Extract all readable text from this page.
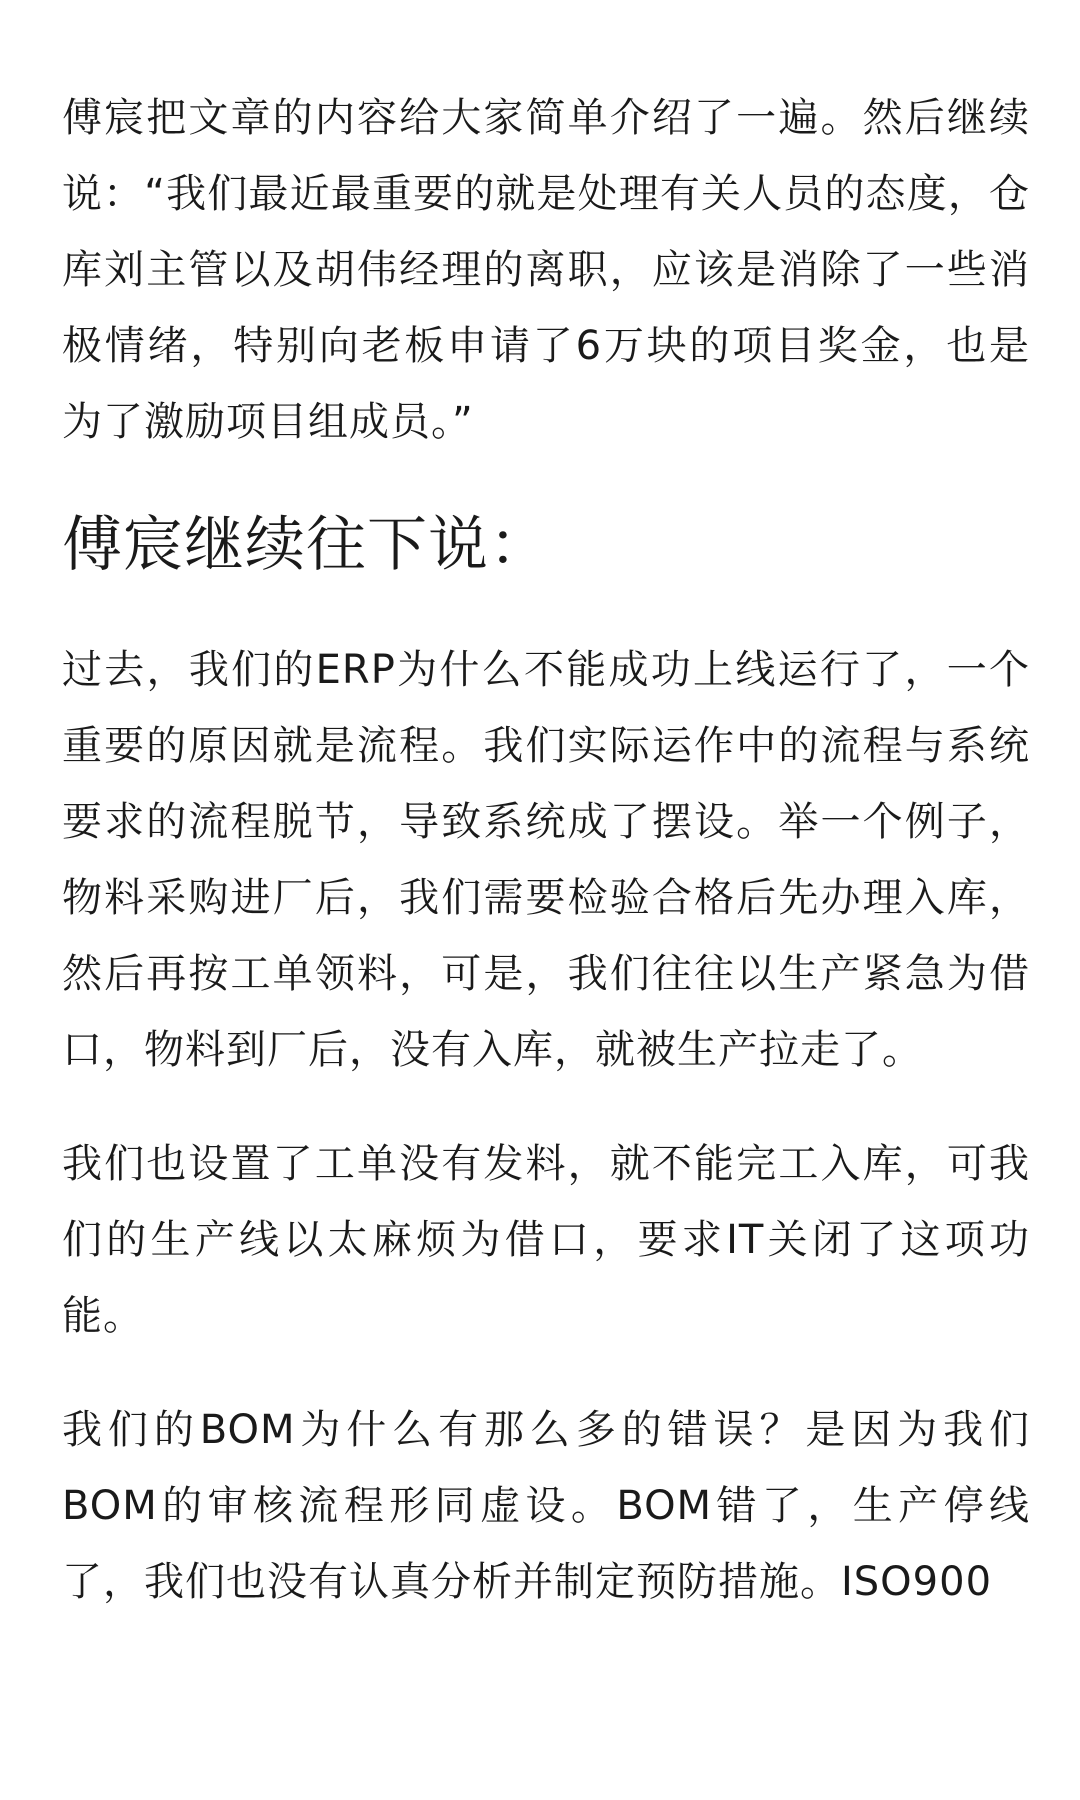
傅宸把文章的内容给大家简单介绍了一遍。然后继续说：“我们最近最重要的就是处理有关人员的态度，仓库刘主管以及胡伟经理的离职，应该是消除了一些消极情绪，特别向老板申请了6万块的项目奖金，也是为了激励项目组成员。”

傅宸继续往下说：

过去，我们的ERP为什么不能成功上线运行了，一个重要的原因就是流程。我们实际运作中的流程与系统要求的流程脱节，导致系统成了摆设。举一个例子，物料采购进厂后，我们需要检验合格后先办理入库，然后再按工单领料，可是，我们往往以生产紧急为借口，物料到厂后，没有入库，就被生产拉走了。

我们也设置了工单没有发料，就不能完工入库，可我们的生产线以太麻烦为借口，要求IT关闭了这项功能。

我们的BOM为什么有那么多的错误？是因为我们BOM的审核流程形同虚设。BOM错了，生产停线了，我们也没有认真分析并制定预防措施。ISO900
